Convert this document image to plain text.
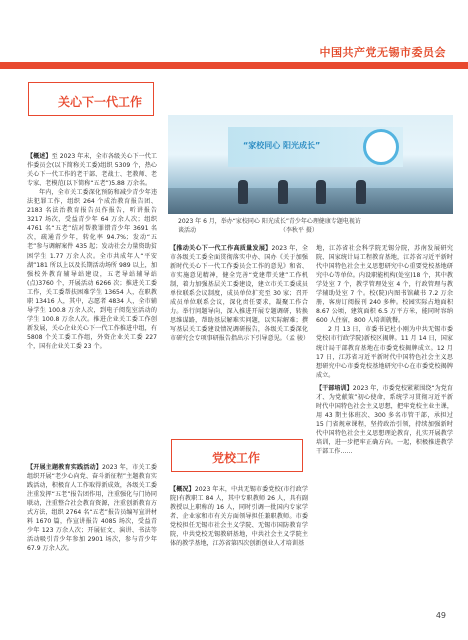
中国共产党无锡市委员会
关心下一代工作

【概述】至 2023 年末，全市各级关心下一代工作委员会(以下简称关工委)组织 5309 个，热心关心下一代工作的老干部、老战士、老教师、老专家、老模范(以下简称“五老”)5.88 万余名。

年内，全市关工委深化预防和减少青少年违法犯罪工作，组织 264 个成治教育报告团、2183 名法治教育报告员作报告，听讲报告 3217 场次，受益青少年 64 万余人次；组织 4761 名“五老”结对帮教罪错青少年 3691 名次，疏通青少年，转化率 94.7%；发动“五老”参与调解案件 435 起；发动社会力量资助贫困学生 1.77 万余人次。全市共成年人“平安湖”181 所以上以及长期活动场所 989 以上，加强校外教育辅导站建设，五老导站辅导站(点)3760 个，开展活动 6266 次；推进关工委工作，关工委帮扶困难学生 13654 人，在职教职 13416 人，其中，志愿者 4834 人，全市辅导学生 100.8 万余人次，到电子阅览室活动的学生 100.8 万余人次。推进企业关工委工作创新发展，关心企业关心下一代工作推进中组，有 5808 个关工委工作组，外资企业关工委 227 个，国有企业关工委 23 个。

【开展主题教育实践活动】2023 年，市关工委组织开展“老少心向党、奋斗新征程”主题教育实践活动，积极育人工作取得新成效，各级关工委注重发挥“五老”报告团作用，注重强化与门协同联动，注重整合社会教育资源，注重创新教育方式方法，组织 2764 名“五老”报告员编写宣讲材料 1670 篇，作宣讲报告 4085 场次，受益青少年 123 万余人次；开展征文、演讲、书法等活动吸引青少年参加 2901 场次，参与青少年 67.9 万余人次。

“家校同心 阳光成长”
2023 年 6 月，举办“家校同心 阳光成长”青少年心理健康专题电视访
谈活动                                            （李秋平 摄）

【推动关心下一代工作高质量发展】2023 年，全市各级关工委全面贯彻落实中办、国办《关于加强新时代关心下一代工作委员会工作的意见》和省、市实施意见精神，健全完善“党建带关建”工作机制，着力加强基层关工委建设，建立市关工委成员单位联系会议制度，成员单位扩充至 30 家；召开成员单位联系会议，深化责任要求，凝聚工作合力。举行问题导向，深入推进开展专题调研，转换思维谋路，帮助基层解难实问题，以实际解难；撰写基层关工委建设情况调研报告，各级关工委深化市研究会专项事研报告指出示下引导意见。（孟 骏）

党校工作

【概况】2023 年末，中共无锡市委党校(市行政学院)有教职工 84 人，其中专职教师 26 人，具有副教授以上职称的 16 人，同时引调一批国内专家学者、企业家和市有关方面领导担任兼职教师。市委党校担任无锡市社会主义学院、无锡市国防教育学院，中共党校无锡教研基地，中共社会主义学院主体的教学基地，江苏省第四次创新创业人才培训基

地，江苏省社会科学院无锡分院，苏南发展研究院、国家统计局工程教育基地，江苏省习近平新时代中国特色社会主义思想研究中心重要党校基地研究中心等单位。内设职能机构(处室)18 个，其中教学处室 7 个，教学管理处室 4 个，行政管理与教学辅助处室 7 个。校(院)内图书馆藏书 7.2 万余册，客房订阅报刊 240 多种。校园实际占地面积 8.67 公顷，建筑面积 6.5 万平方米，能同时容纳 600 人住宿，800 人培训就餐。

2 月 13 日，市委书记杜小刚为中共无锡市委党校(市行政学院)新校区揭牌。11 月 14 日，国家统计局干部教育基地在市委党校揭牌成立。12 月 17 日，江苏省习近平新时代中国特色社会主义思想研究中心市委党校基地研究中心在市委党校揭牌成立。

【干部培训】2023 年，市委党校紧紧围绕“为党育才、为党献策”初心使命，系统学习贯彻习近平新时代中国特色社会主义思想，把牢党校主业主课，用 43 期主体班次、300 多名市管干部，承担过 15 门省规章课程，坚持政治引领，持续加强新时代中国特色社会主义思想理论教育，扎实开展教学培训，进一步把牢正确方向。一起，积极推进教学干部工作……

49
